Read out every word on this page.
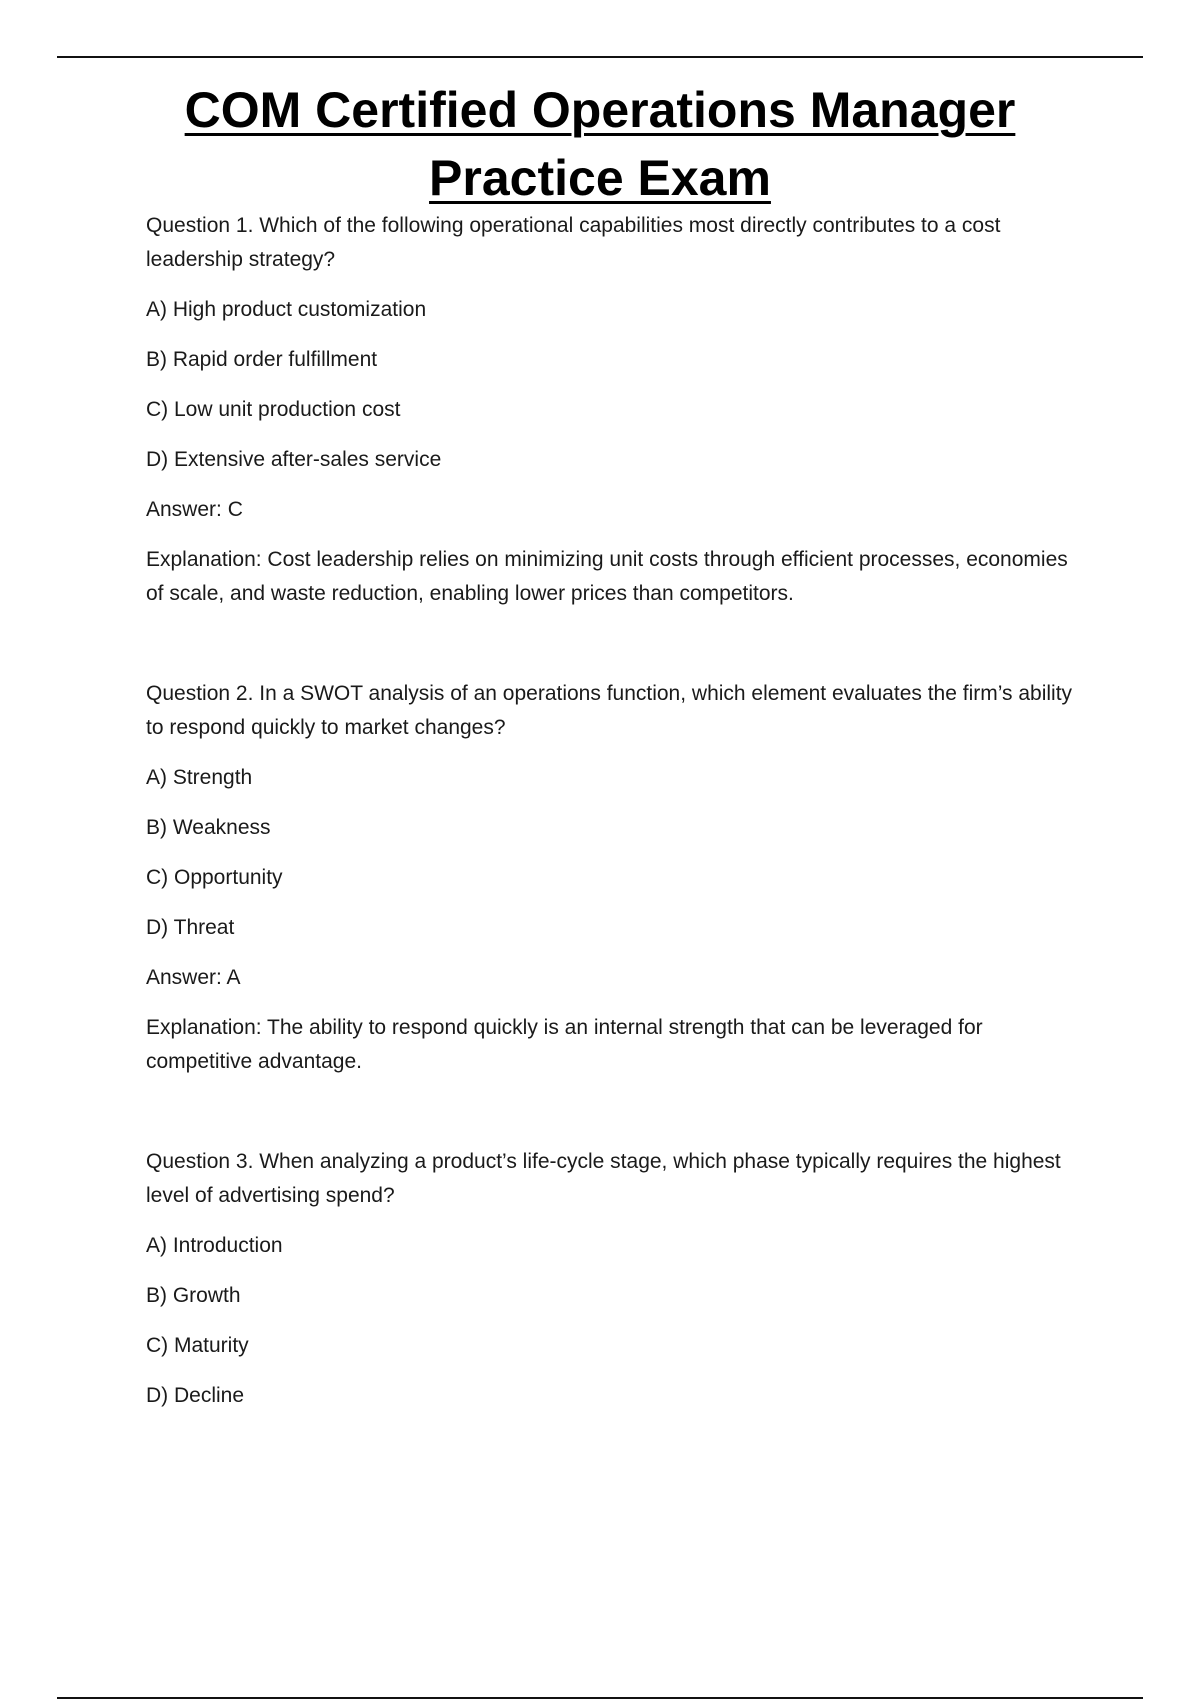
COM Certified Operations Manager
Practice Exam

Question 1. Which of the following operational capabilities most directly contributes to a cost leadership strategy?

A) High product customization

B) Rapid order fulfillment

C) Low unit production cost

D) Extensive after-sales service

Answer: C

Explanation: Cost leadership relies on minimizing unit costs through efficient processes, economies of scale, and waste reduction, enabling lower prices than competitors.

Question 2. In a SWOT analysis of an operations function, which element evaluates the firm’s ability to respond quickly to market changes?

A) Strength

B) Weakness

C) Opportunity

D) Threat

Answer: A

Explanation: The ability to respond quickly is an internal strength that can be leveraged for competitive advantage.

Question 3. When analyzing a product’s life-cycle stage, which phase typically requires the highest level of advertising spend?

A) Introduction

B) Growth

C) Maturity

D) Decline
